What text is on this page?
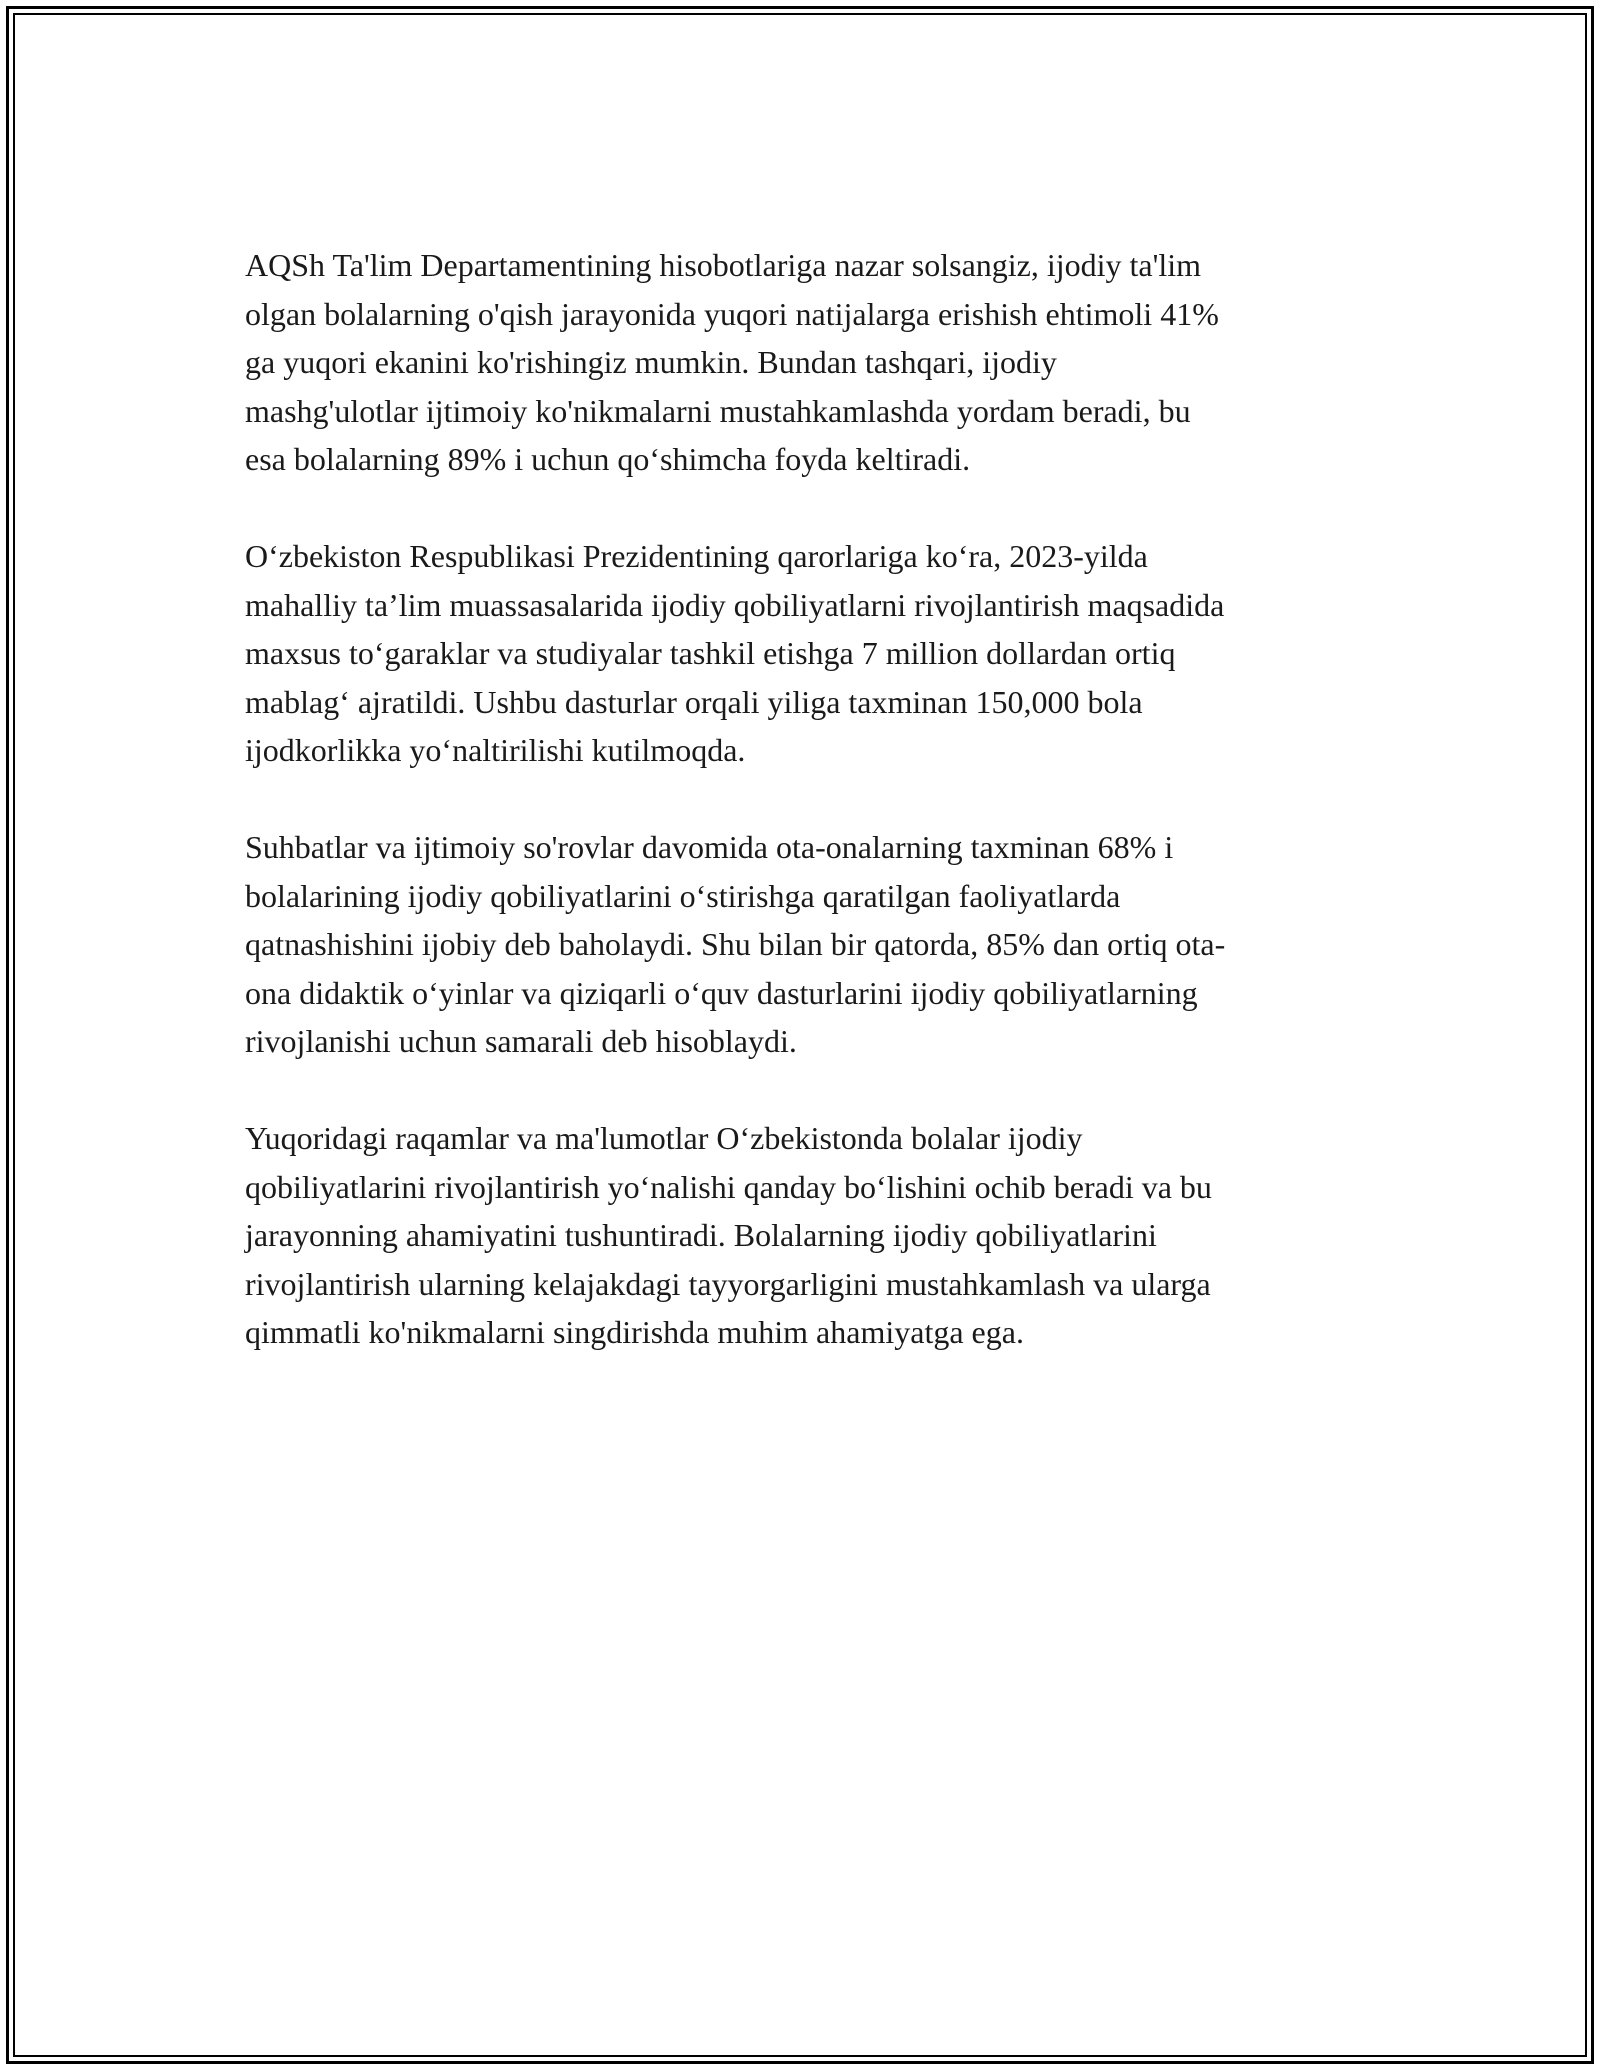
AQSh Ta'lim Departamentining hisobotlariga nazar solsangiz, ijodiy ta'lim
olgan bolalarning o'qish jarayonida yuqori natijalarga erishish ehtimoli 41%
ga yuqori ekanini ko'rishingiz mumkin. Bundan tashqari, ijodiy
mashg'ulotlar ijtimoiy ko'nikmalarni mustahkamlashda yordam beradi, bu
esa bolalarning 89% i uchun qo‘shimcha foyda keltiradi.

O‘zbekiston Respublikasi Prezidentining qarorlariga ko‘ra, 2023-yilda
mahalliy ta’lim muassasalarida ijodiy qobiliyatlarni rivojlantirish maqsadida
maxsus to‘garaklar va studiyalar tashkil etishga 7 million dollardan ortiq
mablag‘ ajratildi. Ushbu dasturlar orqali yiliga taxminan 150,000 bola
ijodkorlikka yo‘naltirilishi kutilmoqda.

Suhbatlar va ijtimoiy so'rovlar davomida ota-onalarning taxminan 68% i
bolalarining ijodiy qobiliyatlarini o‘stirishga qaratilgan faoliyatlarda
qatnashishini ijobiy deb baholaydi. Shu bilan bir qatorda, 85% dan ortiq ota-
ona didaktik o‘yinlar va qiziqarli o‘quv dasturlarini ijodiy qobiliyatlarning
rivojlanishi uchun samarali deb hisoblaydi.

Yuqoridagi raqamlar va ma'lumotlar O‘zbekistonda bolalar ijodiy
qobiliyatlarini rivojlantirish yo‘nalishi qanday bo‘lishini ochib beradi va bu
jarayonning ahamiyatini tushuntiradi. Bolalarning ijodiy qobiliyatlarini
rivojlantirish ularning kelajakdagi tayyorgarligini mustahkamlash va ularga
qimmatli ko'nikmalarni singdirishda muhim ahamiyatga ega.
